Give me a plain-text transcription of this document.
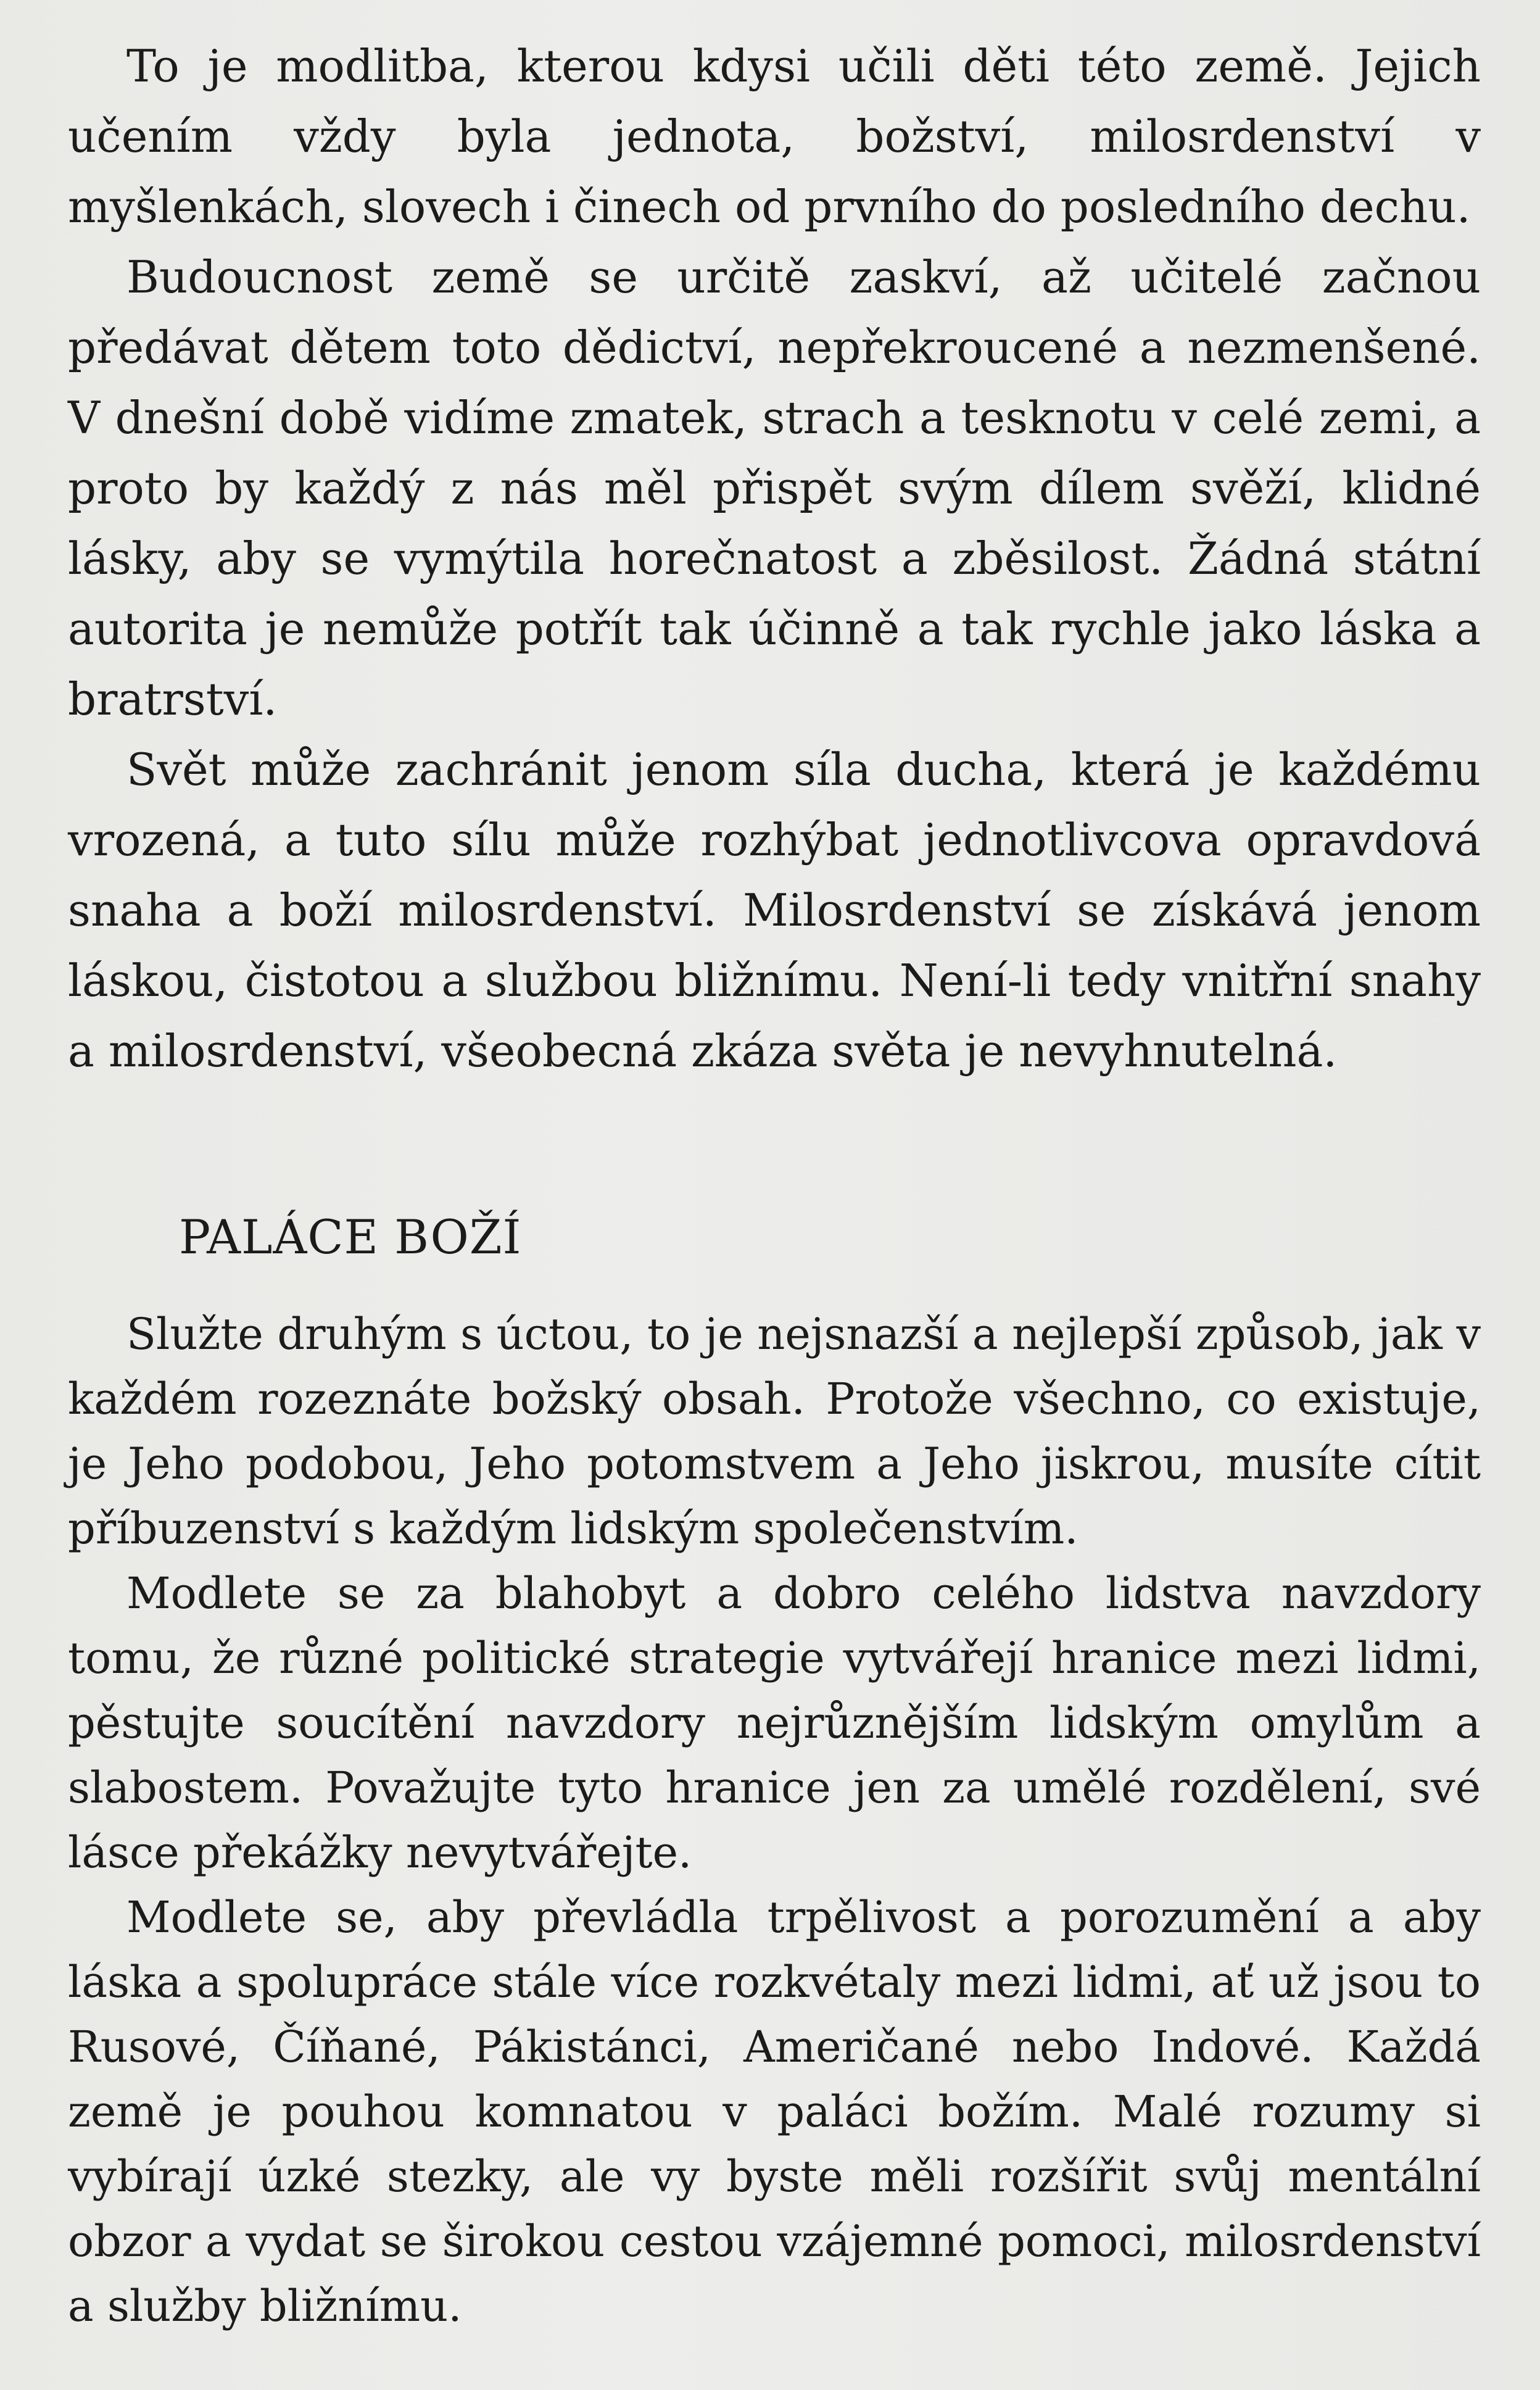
To je modlitba, kterou kdysi učili děti této země. Jejich učením vždy byla jednota, božství, milosrdenství v myšlenkách, slovech i činech od prvního do posledního dechu.

Budoucnost země se určitě zaskví, až učitelé začnou předávat dětem toto dědictví, nepřekroucené a nezmenšené. V dnešní době vidíme zmatek, strach a tesknotu v celé zemi, a proto by každý z nás měl přispět svým dílem svěží, klidné lásky, aby se vymýtila horečnatost a zběsilost. Žádná státní autorita je nemůže potřít tak účinně a tak rychle jako láska a bratrství.

Svět může zachránit jenom síla ducha, která je každému vrozená, a tuto sílu může rozhýbat jednotlivcova opravdová snaha a boží milosrdenství. Milosrdenství se získává jenom láskou, čistotou a službou bližnímu. Není-li tedy vnitřní snahy a milosrdenství, všeobecná zkáza světa je nevyhnutelná.

PALÁCE BOŽÍ

Služte druhým s úctou, to je nejsnazší a nejlepší způsob, jak v každém rozeznáte božský obsah. Protože všechno, co existuje, je Jeho podobou, Jeho potomstvem a Jeho jiskrou, musíte cítit příbuzenství s každým lidským společenstvím.

Modlete se za blahobyt a dobro celého lidstva navzdory tomu, že různé politické strategie vytvářejí hranice mezi lidmi, pěstujte soucítění navzdory nejrůznějším lidským omylům a slabostem. Považujte tyto hranice jen za umělé rozdělení, své lásce překážky nevytvářejte.

Modlete se, aby převládla trpělivost a porozumění a aby láska a spolupráce stále více rozkvétaly mezi lidmi, ať už jsou to Rusové, Číňané, Pákistánci, Američané nebo Indové. Každá země je pouhou komnatou v paláci božím. Malé rozumy si vybírají úzké stezky, ale vy byste měli rozšířit svůj mentální obzor a vydat se širokou cestou vzájemné pomoci, milosrdenství a služby bližnímu.
